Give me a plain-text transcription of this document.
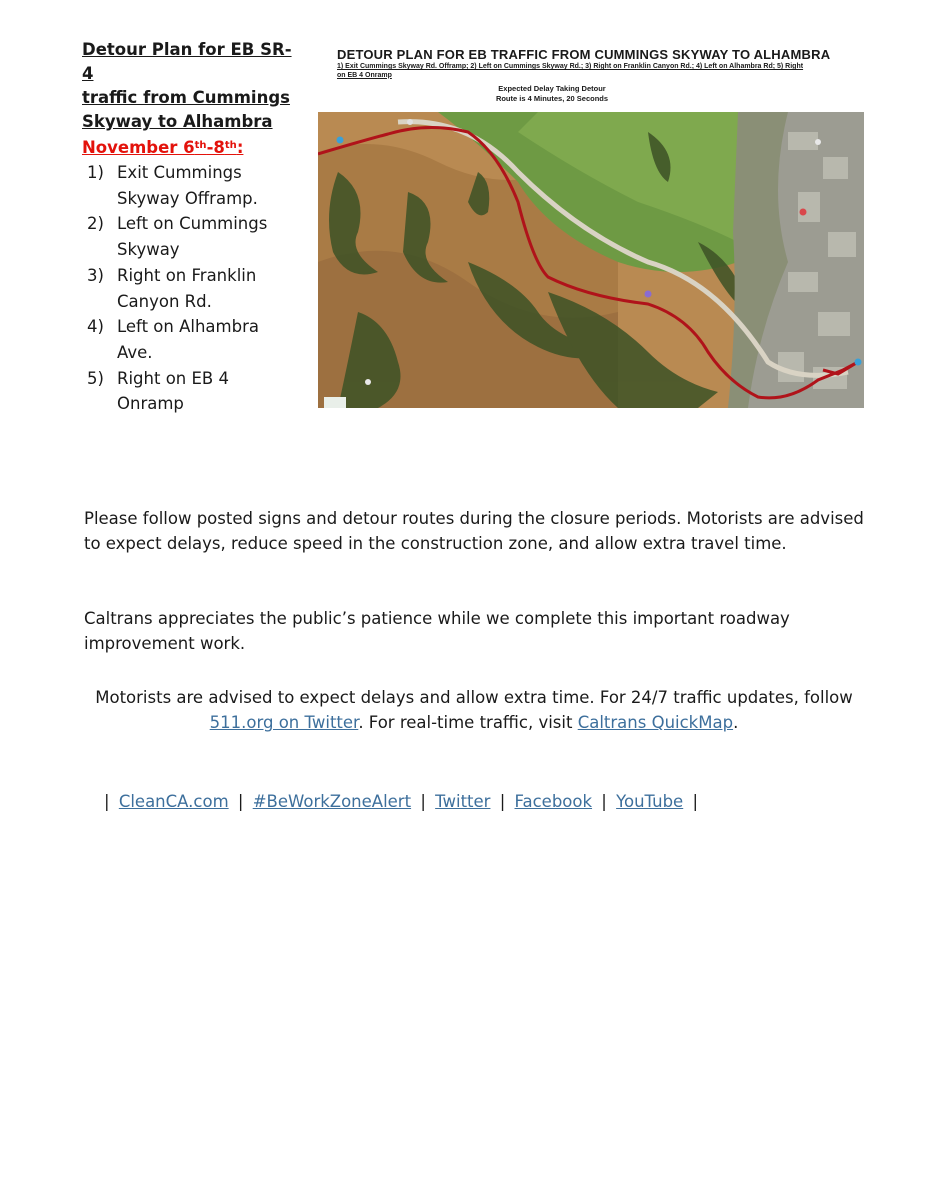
Detour Plan for EB SR-4
traffic from Cummings
Skyway to Alhambra

November 6th-8th:

1) Exit Cummings
Skyway Offramp.
2) Left on Cummings
Skyway
3) Right on Franklin
Canyon Rd.
4) Left on Alhambra
Ave.
5) Right on EB 4
Onramp

DETOUR PLAN FOR EB TRAFFIC FROM CUMMINGS SKYWAY TO ALHAMBRA

1) Exit Cummings Skyway Rd. Offramp; 2) Left on Cummings Skyway Rd.; 3) Right on Franklin Canyon Rd.; 4) Left on Alhambra Rd; 5) Right
on EB 4 Onramp

Expected Delay Taking Detour
Route is 4 Minutes, 20 Seconds

Please follow posted signs and detour routes during the closure periods. Motorists are advised to expect delays, reduce speed in the construction zone, and allow extra travel time.

Caltrans appreciates the public’s patience while we complete this important roadway improvement work.

Motorists are advised to expect delays and allow extra time. For 24/7 traffic updates, follow 511.org on Twitter. For real-time traffic, visit Caltrans QuickMap.

| CleanCA.com | #BeWorkZoneAlert | Twitter | Facebook | YouTube |
